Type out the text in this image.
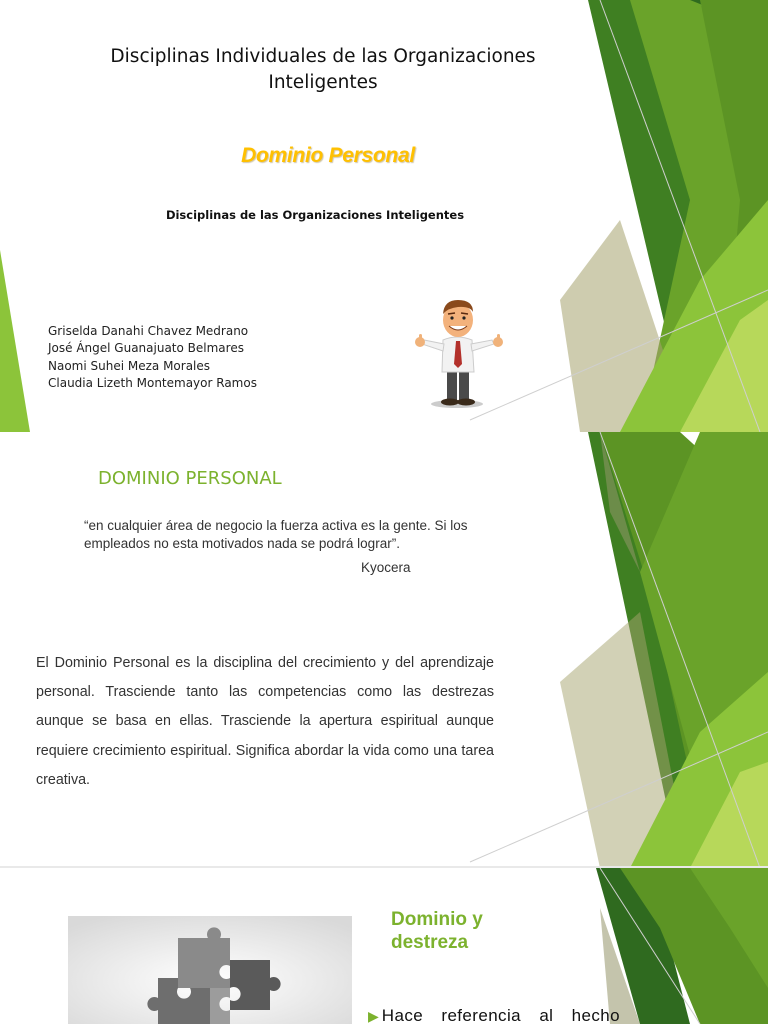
Disciplinas Individuales de las Organizaciones Inteligentes
Dominio Personal
Disciplinas de las Organizaciones Inteligentes
Griselda Danahi Chavez Medrano
José Ángel Guanajuato Belmares
Naomi Suhei Meza Morales
Claudia Lizeth Montemayor Ramos
DOMINIO PERSONAL
“en cualquier área de negocio la fuerza activa es la gente. Si los empleados no esta motivados nada se podrá lograr”.
Kyocera
El Dominio Personal es la disciplina del crecimiento y del aprendizaje personal. Trasciende tanto las competencias como las destrezas aunque se basa en ellas. Trasciende la apertura espiritual aunque requiere crecimiento espiritual. Significa abordar la vida como una tarea creativa.
Dominio y destreza
▶ Hace referencia al hecho
